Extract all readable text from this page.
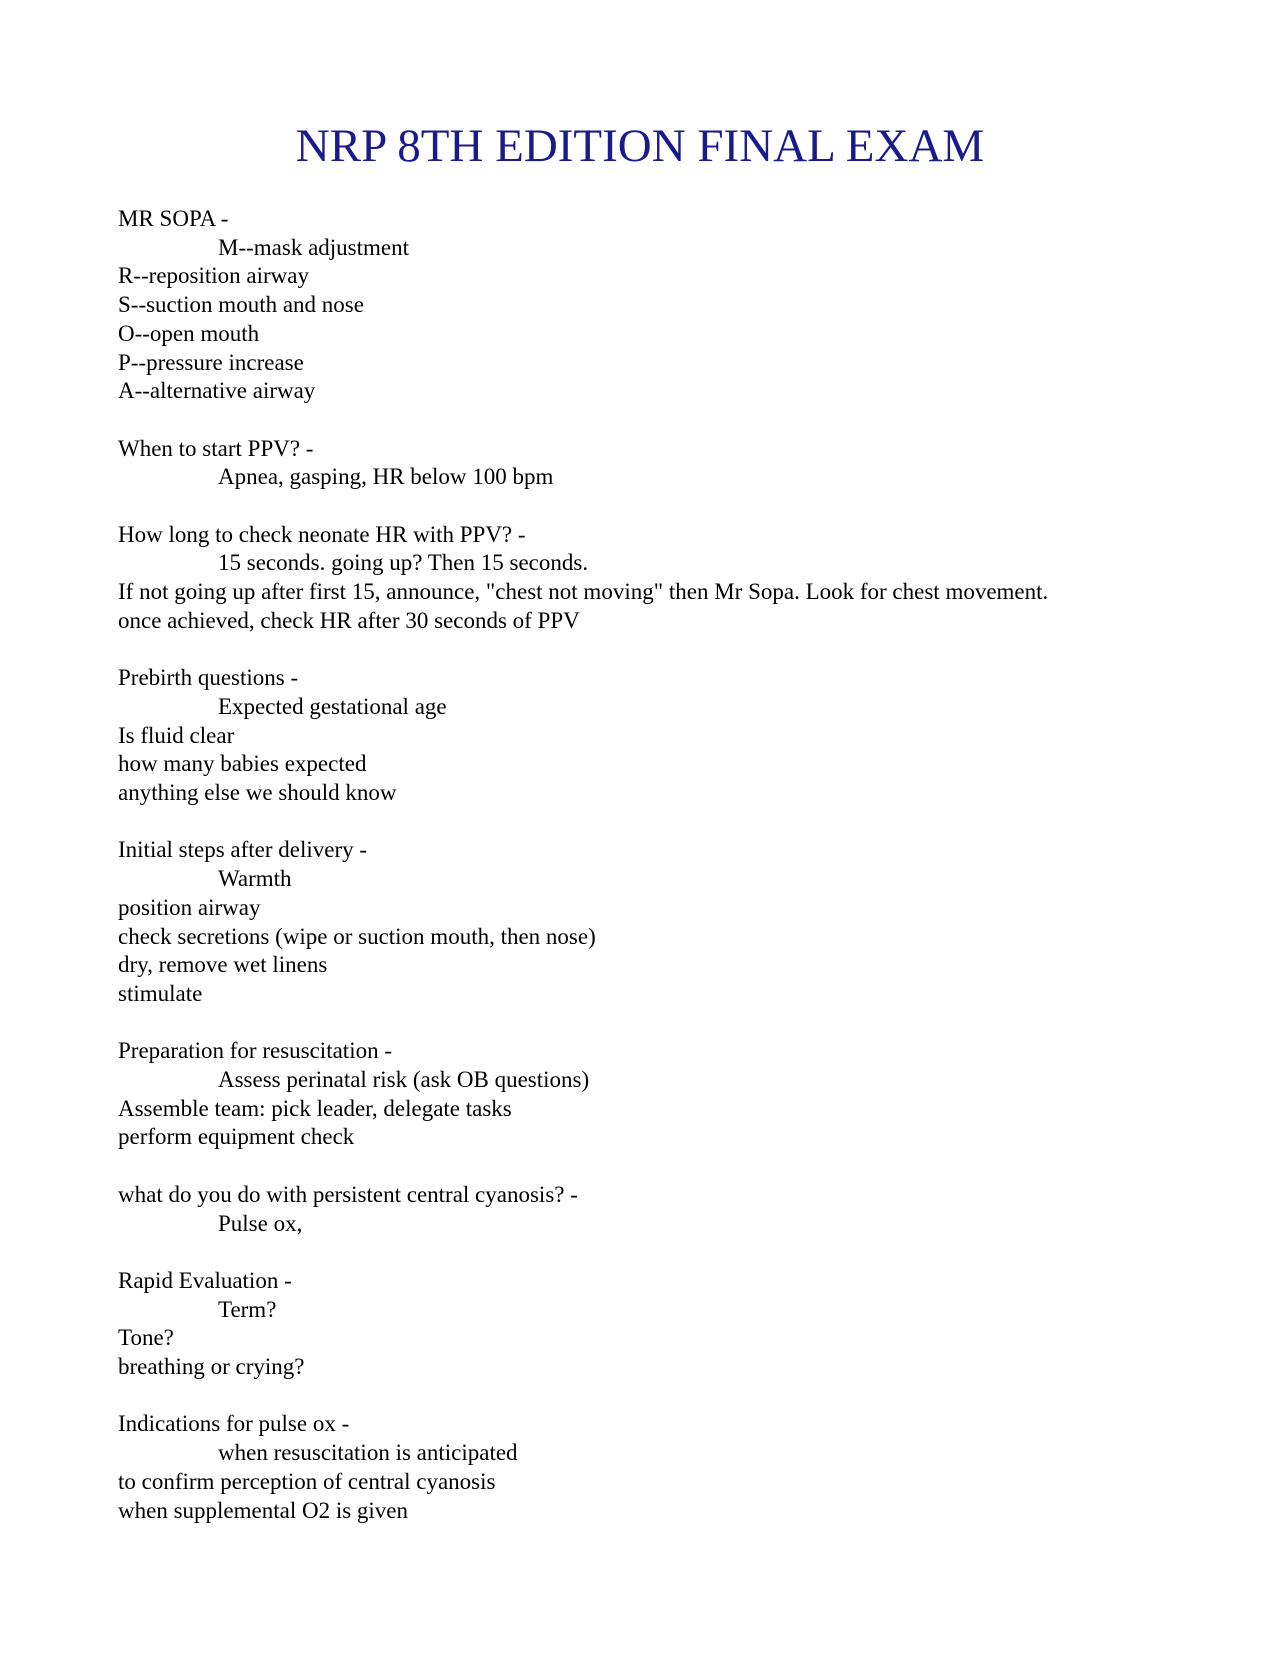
NRP 8TH EDITION FINAL EXAM
MR SOPA -
M--mask adjustment
R--reposition airway
S--suction mouth and nose
O--open mouth
P--pressure increase
A--alternative airway
When to start PPV? -
Apnea, gasping, HR below 100 bpm
How long to check neonate HR with PPV? -
15 seconds. going up? Then 15 seconds.
If not going up after first 15, announce, "chest not moving" then Mr Sopa. Look for chest movement.
once achieved, check HR after 30 seconds of PPV
Prebirth questions -
Expected gestational age
Is fluid clear
how many babies expected
anything else we should know
Initial steps after delivery -
Warmth
position airway
check secretions (wipe or suction mouth, then nose)
dry, remove wet linens
stimulate
Preparation for resuscitation -
Assess perinatal risk (ask OB questions)
Assemble team: pick leader, delegate tasks
perform equipment check
what do you do with persistent central cyanosis? -
Pulse ox,
Rapid Evaluation -
Term?
Tone?
breathing or crying?
Indications for pulse ox -
when resuscitation is anticipated
to confirm perception of central cyanosis
when supplemental O2 is given
